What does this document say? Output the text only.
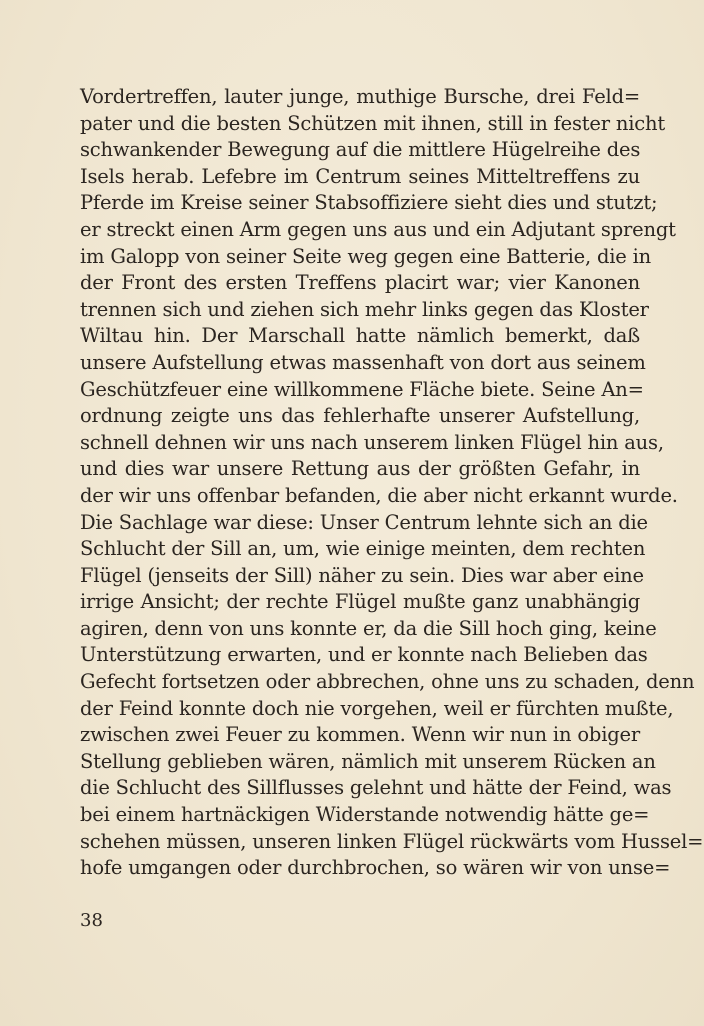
Vordertreffen, lauter junge, muthige Bursche, drei Feld=
pater und die besten Schützen mit ihnen, still in fester nicht
schwankender Bewegung auf die mittlere Hügelreihe des
Isels herab. Lefebre im Centrum seines Mitteltreffens zu
Pferde im Kreise seiner Stabsoffiziere sieht dies und stutzt;
er streckt einen Arm gegen uns aus und ein Adjutant sprengt
im Galopp von seiner Seite weg gegen eine Batterie, die in
der Front des ersten Treffens placirt war; vier Kanonen
trennen sich und ziehen sich mehr links gegen das Kloster
Wiltau hin. Der Marschall hatte nämlich bemerkt, daß
unsere Aufstellung etwas massenhaft von dort aus seinem
Geschützfeuer eine willkommene Fläche biete. Seine An=
ordnung zeigte uns das fehlerhafte unserer Aufstellung,
schnell dehnen wir uns nach unserem linken Flügel hin aus,
und dies war unsere Rettung aus der größten Gefahr, in
der wir uns offenbar befanden, die aber nicht erkannt wurde.
Die Sachlage war diese: Unser Centrum lehnte sich an die
Schlucht der Sill an, um, wie einige meinten, dem rechten
Flügel (jenseits der Sill) näher zu sein. Dies war aber eine
irrige Ansicht; der rechte Flügel mußte ganz unabhängig
agiren, denn von uns konnte er, da die Sill hoch ging, keine
Unterstützung erwarten, und er konnte nach Belieben das
Gefecht fortsetzen oder abbrechen, ohne uns zu schaden, denn
der Feind konnte doch nie vorgehen, weil er fürchten mußte,
zwischen zwei Feuer zu kommen. Wenn wir nun in obiger
Stellung geblieben wären, nämlich mit unserem Rücken an
die Schlucht des Sillflusses gelehnt und hätte der Feind, was
bei einem hartnäckigen Widerstande notwendig hätte ge=
schehen müssen, unseren linken Flügel rückwärts vom Hussel=
hofe umgangen oder durchbrochen, so wären wir von unse=
38
